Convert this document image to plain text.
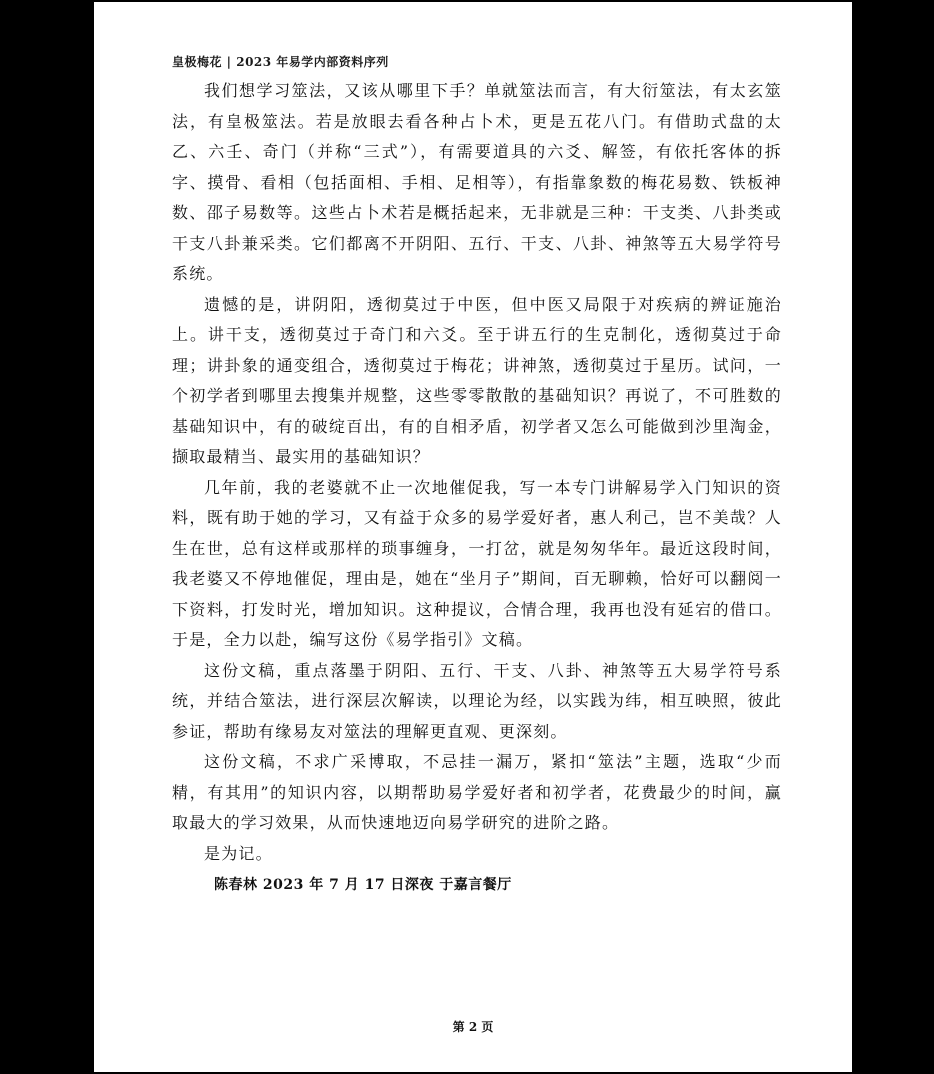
皇极梅花 | 2023 年易学内部资料序列

我们想学习筮法，又该从哪里下手？单就筮法而言，有大衍筮法，有太玄筮法，有皇极筮法。若是放眼去看各种占卜术，更是五花八门。有借助式盘的太乙、六壬、奇门（并称“三式”），有需要道具的六爻、解签，有依托客体的拆字、摸骨、看相（包括面相、手相、足相等），有指靠象数的梅花易数、铁板神数、邵子易数等。这些占卜术若是概括起来，无非就是三种：干支类、八卦类或干支八卦兼采类。它们都离不开阴阳、五行、干支、八卦、神煞等五大易学符号系统。

遗憾的是，讲阴阳，透彻莫过于中医，但中医又局限于对疾病的辨证施治上。讲干支，透彻莫过于奇门和六爻。至于讲五行的生克制化，透彻莫过于命理；讲卦象的通变组合，透彻莫过于梅花；讲神煞，透彻莫过于星历。试问，一个初学者到哪里去搜集并规整，这些零零散散的基础知识？再说了，不可胜数的基础知识中，有的破绽百出，有的自相矛盾，初学者又怎么可能做到沙里淘金，撷取最精当、最实用的基础知识？

几年前，我的老婆就不止一次地催促我，写一本专门讲解易学入门知识的资料，既有助于她的学习，又有益于众多的易学爱好者，惠人利己，岂不美哉？人生在世，总有这样或那样的琐事缠身，一打岔，就是匆匆华年。最近这段时间，我老婆又不停地催促，理由是，她在“坐月子”期间，百无聊赖，恰好可以翻阅一下资料，打发时光，增加知识。这种提议，合情合理，我再也没有延宕的借口。于是，全力以赴，编写这份《易学指引》文稿。

这份文稿，重点落墨于阴阳、五行、干支、八卦、神煞等五大易学符号系统，并结合筮法，进行深层次解读，以理论为经，以实践为纬，相互映照，彼此参证，帮助有缘易友对筮法的理解更直观、更深刻。

这份文稿，不求广采博取，不忌挂一漏万，紧扣“筮法”主题，选取“少而精，有其用”的知识内容，以期帮助易学爱好者和初学者，花费最少的时间，赢取最大的学习效果，从而快速地迈向易学研究的进阶之路。

是为记。

陈春林 2023 年 7 月 17 日深夜 于嘉言餐厅
第 2 页
